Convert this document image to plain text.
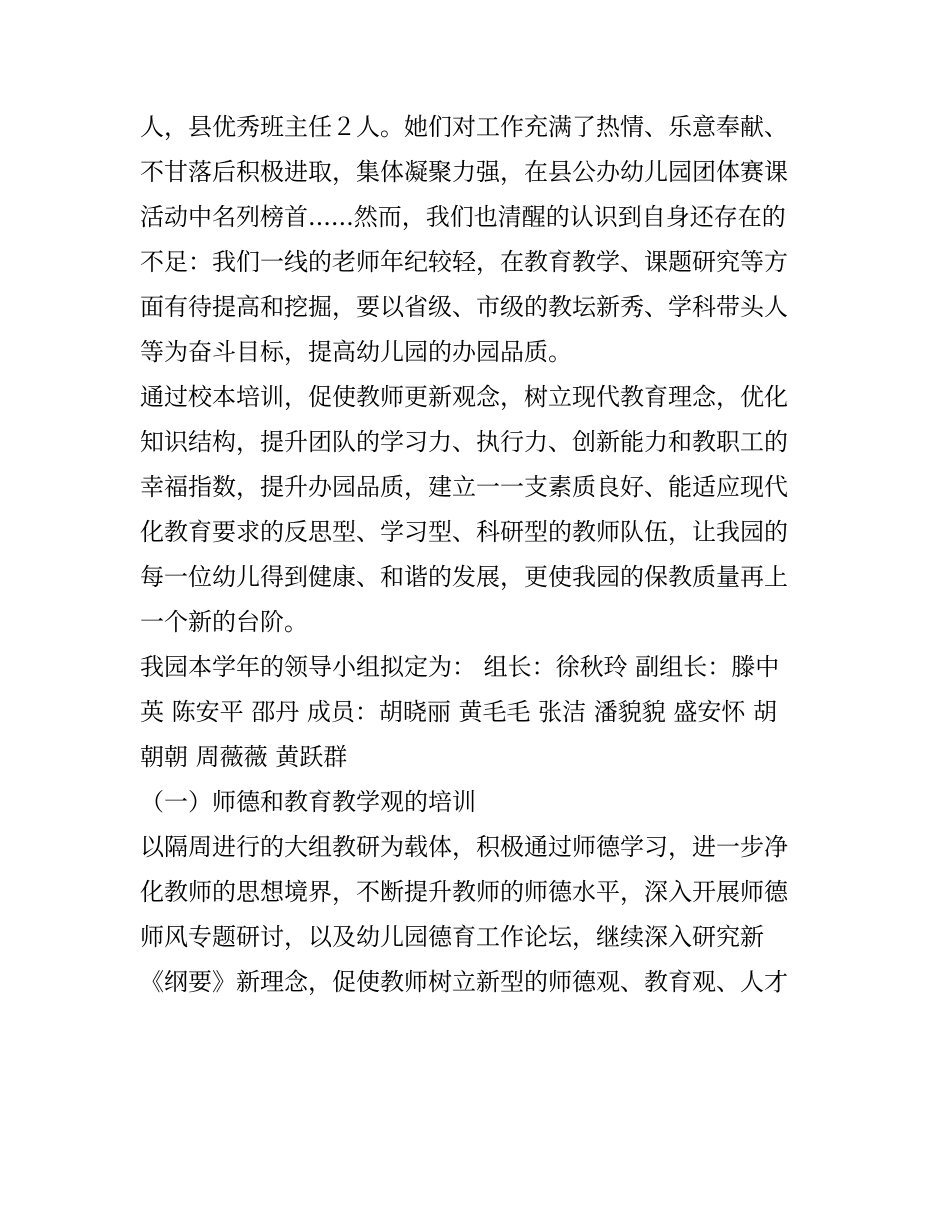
人，县优秀班主任２人。她们对工作充满了热情、乐意奉献、
不甘落后积极进取，集体凝聚力强，在县公办幼儿园团体赛课
活动中名列榜首......然而，我们也清醒的认识到自身还存在的
不足：我们一线的老师年纪较轻，在教育教学、课题研究等方
面有待提高和挖掘，要以省级、市级的教坛新秀、学科带头人
等为奋斗目标，提高幼儿园的办园品质。
通过校本培训，促使教师更新观念，树立现代教育理念，优化
知识结构，提升团队的学习力、执行力、创新能力和教职工的
幸福指数，提升办园品质，建立一一支素质良好、能适应现代
化教育要求的反思型、学习型、科研型的教师队伍，让我园的
每一位幼儿得到健康、和谐的发展，更使我园的保教质量再上
一个新的台阶。
我园本学年的领导小组拟定为： 组长：徐秋玲 副组长：滕中
英 陈安平 邵丹 成员：胡晓丽 黄毛毛 张洁 潘貌貌 盛安怀 胡
朝朝 周薇薇 黄跃群
（一）师德和教育教学观的培训
以隔周进行的大组教研为载体，积极通过师德学习，进一步净
化教师的思想境界，不断提升教师的师德水平，深入开展师德
师风专题研讨，以及幼儿园德育工作论坛，继续深入研究新
《纲要》新理念，促使教师树立新型的师德观、教育观、人才
